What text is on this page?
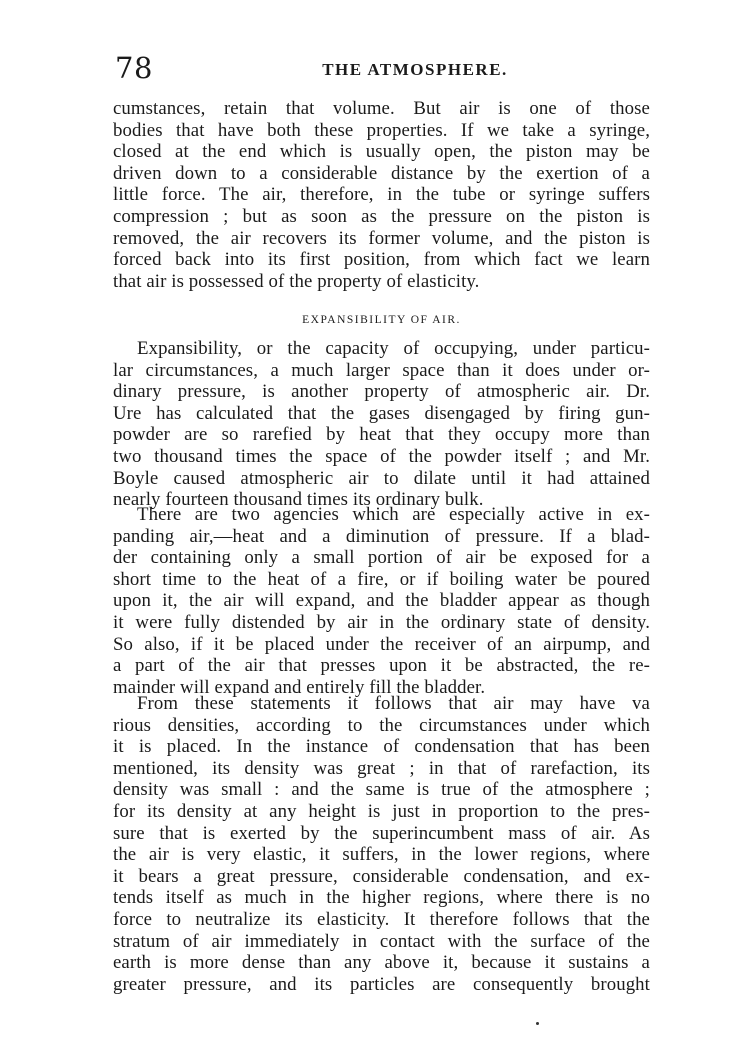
78	THE ATMOSPHERE.
cumstances, retain that volume. But air is one of those
bodies that have both these properties. If we take a syringe,
closed at the end which is usually open, the piston may be
driven down to a considerable distance by the exertion of a
little force. The air, therefore, in the tube or syringe suffers
compression ; but as soon as the pressure on the piston is
removed, the air recovers its former volume, and the piston is
forced back into its first position, from which fact we learn
that air is possessed of the property of elasticity.
EXPANSIBILITY OF AIR.
Expansibility, or the capacity of occupying, under particu-
lar circumstances, a much larger space than it does under or-
dinary pressure, is another property of atmospheric air. Dr.
Ure has calculated that the gases disengaged by firing gun-
powder are so rarefied by heat that they occupy more than
two thousand times the space of the powder itself ; and Mr.
Boyle caused atmospheric air to dilate until it had attained
nearly fourteen thousand times its ordinary bulk.
There are two agencies which are especially active in ex-
panding air,—heat and a diminution of pressure. If a blad-
der containing only a small portion of air be exposed for a
short time to the heat of a fire, or if boiling water be poured
upon it, the air will expand, and the bladder appear as though
it were fully distended by air in the ordinary state of density.
So also, if it be placed under the receiver of an airpump, and
a part of the air that presses upon it be abstracted, the re-
mainder will expand and entirely fill the bladder.
From these statements it follows that air may have va
rious densities, according to the circumstances under which
it is placed. In the instance of condensation that has been
mentioned, its density was great ; in that of rarefaction, its
density was small : and the same is true of the atmosphere ;
for its density at any height is just in proportion to the pres-
sure that is exerted by the superincumbent mass of air. As
the air is very elastic, it suffers, in the lower regions, where
it bears a great pressure, considerable condensation, and ex-
tends itself as much in the higher regions, where there is no
force to neutralize its elasticity. It therefore follows that the
stratum of air immediately in contact with the surface of the
earth is more dense than any above it, because it sustains a
greater pressure, and its particles are consequently brought
